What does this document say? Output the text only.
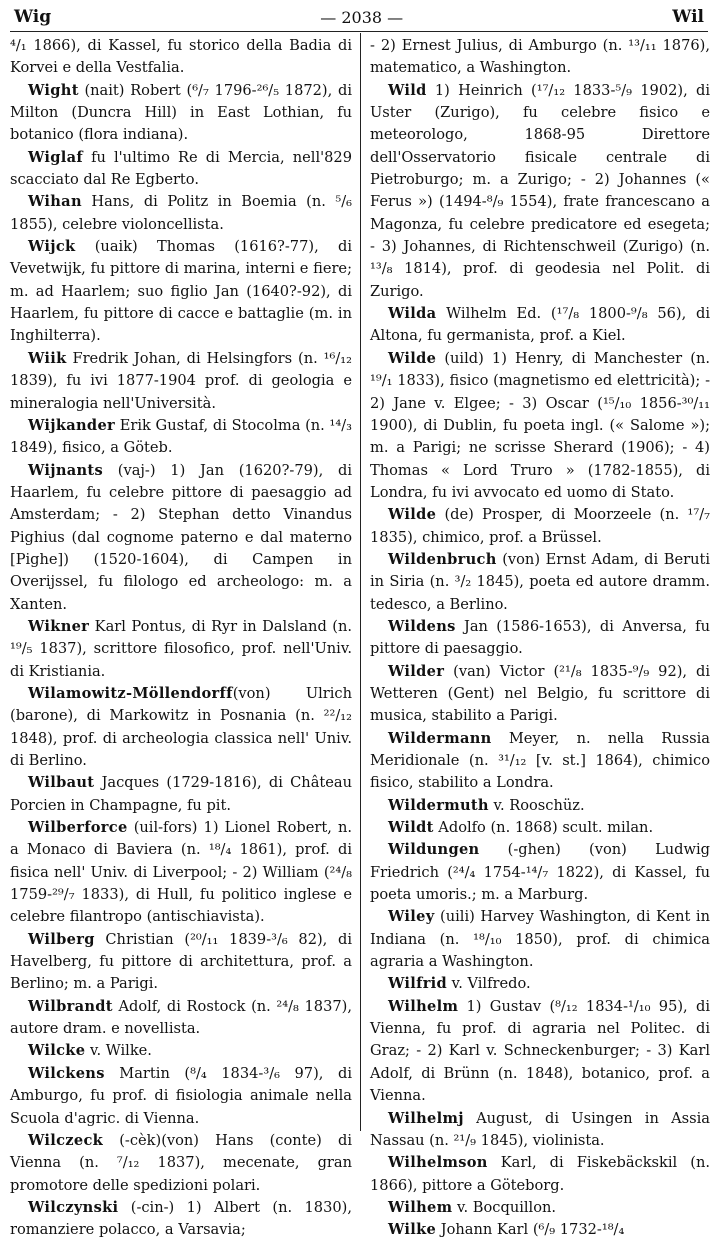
Wig	— 2038 —	Wil

⁴/₁ 1866), di Kassel, fu storico della Badia di Korvei e della Vestfalia.

Wight (nait) Robert (⁶/₇ 1796-²⁶/₅ 1872), di Milton (Duncra Hill) in East Lothian, fu botanico (flora indiana).

Wiglaf fu l'ultimo Re di Mercia, nell'829 scacciato dal Re Egberto.

Wihan Hans, di Politz in Boemia (n. ⁵/₆ 1855), celebre violoncellista.

Wijck (uaik) Thomas (1616?-77), di Vevetwijk, fu pittore di marina, interni e fiere; m. ad Haarlem; suo figlio Jan (1640?-92), di Haarlem, fu pittore di cacce e battaglie (m. in Inghilterra).

Wiik Fredrik Johan, di Helsingfors (n. ¹⁶/₁₂ 1839), fu ivi 1877-1904 prof. di geologia e mineralogia nell'Università.

Wijkander Erik Gustaf, di Stocolma (n. ¹⁴/₃ 1849), fisico, a Göteb.

Wijnants (vaj-) 1) Jan (1620?-79), di Haarlem, fu celebre pittore di paesaggio ad Amsterdam; - 2) Stephan detto Vinandus Pighius (dal cognome paterno e dal materno [Pighe]) (1520-1604), di Campen in Overijssel, fu filologo ed archeologo: m. a Xanten.

Wikner Karl Pontus, di Ryr in Dalsland (n. ¹⁹/₅ 1837), scrittore filosofico, prof. nell'Univ. di Kristiania.

Wilamowitz-Möllendorff(von) Ulrich (barone), di Markowitz in Posnania (n. ²²/₁₂ 1848), prof. di archeologia classica nell' Univ. di Berlino.

Wilbaut Jacques (1729-1816), di Château Porcien in Champagne, fu pit.

Wilberforce (uil-fors) 1) Lionel Robert, n. a Monaco di Baviera (n. ¹⁸/₄ 1861), prof. di fisica nell' Univ. di Liverpool; - 2) William (²⁴/₈ 1759-²⁹/₇ 1833), di Hull, fu politico inglese e celebre filantropo (antischiavista).

Wilberg Christian (²⁰/₁₁ 1839-³/₆ 82), di Havelberg, fu pittore di architettura, prof. a Berlino; m. a Parigi.

Wilbrandt Adolf, di Rostock (n. ²⁴/₈ 1837), autore dram. e novellista.

Wilcke v. Wilke.

Wilckens Martin (⁸/₄ 1834-³/₆ 97), di Amburgo, fu prof. di fisiologia animale nella Scuola d'agric. di Vienna.

Wilczeck (-cèk)(von) Hans (conte) di Vienna (n. ⁷/₁₂ 1837), mecenate, gran promotore delle spedizioni polari.

Wilczynski (-cin-) 1) Albert (n. 1830), romanziere polacco, a Varsavia;

- 2) Ernest Julius, di Amburgo (n. ¹³/₁₁ 1876), matematico, a Washington.

Wild 1) Heinrich (¹⁷/₁₂ 1833-⁵/₉ 1902), di Uster (Zurigo), fu celebre fisico e meteorologo, 1868-95 Direttore dell'Osservatorio fisicale centrale di Pietroburgo; m. a Zurigo; - 2) Johannes (« Ferus ») (1494-⁸/₉ 1554), frate francescano a Magonza, fu celebre predicatore ed esegeta; - 3) Johannes, di Richtenschweil (Zurigo) (n. ¹³/₈ 1814), prof. di geodesia nel Polit. di Zurigo.

Wilda Wilhelm Ed. (¹⁷/₈ 1800-⁹/₈ 56), di Altona, fu germanista, prof. a Kiel.

Wilde (uild) 1) Henry, di Manchester (n. ¹⁹/₁ 1833), fisico (magnetismo ed elettricità); - 2) Jane v. Elgee; - 3) Oscar (¹⁵/₁₀ 1856-³⁰/₁₁ 1900), di Dublin, fu poeta ingl. (« Salome »); m. a Parigi; ne scrisse Sherard (1906); - 4) Thomas « Lord Truro » (1782-1855), di Londra, fu ivi avvocato ed uomo di Stato.

Wilde (de) Prosper, di Moorzeele (n. ¹⁷/₇ 1835), chimico, prof. a Brüssel.

Wildenbruch (von) Ernst Adam, di Beruti in Siria (n. ³/₂ 1845), poeta ed autore dramm. tedesco, a Berlino.

Wildens Jan (1586-1653), di Anversa, fu pittore di paesaggio.

Wilder (van) Victor (²¹/₈ 1835-⁹/₉ 92), di Wetteren (Gent) nel Belgio, fu scrittore di musica, stabilito a Parigi.

Wildermann Meyer, n. nella Russia Meridionale (n. ³¹/₁₂ [v. st.] 1864), chimico fisico, stabilito a Londra.

Wildermuth v. Rooschüz.

Wildt Adolfo (n. 1868) scult. milan.

Wildungen (-ghen) (von) Ludwig Friedrich (²⁴/₄ 1754-¹⁴/₇ 1822), di Kassel, fu poeta umoris.; m. a Marburg.

Wiley (uili) Harvey Washington, di Kent in Indiana (n. ¹⁸/₁₀ 1850), prof. di chimica agraria a Washington.

Wilfrid v. Vilfredo.

Wilhelm 1) Gustav (⁸/₁₂ 1834-¹/₁₀ 95), di Vienna, fu prof. di agraria nel Politec. di Graz; - 2) Karl v. Schneckenburger; - 3) Karl Adolf, di Brünn (n. 1848), botanico, prof. a Vienna.

Wilhelmj August, di Usingen in Assia Nassau (n. ²¹/₉ 1845), violinista.

Wilhelmson Karl, di Fiskebäckskil (n. 1866), pittore a Göteborg.

Wilhem v. Bocquillon.

Wilke Johann Karl (⁶/₉ 1732-¹⁸/₄
